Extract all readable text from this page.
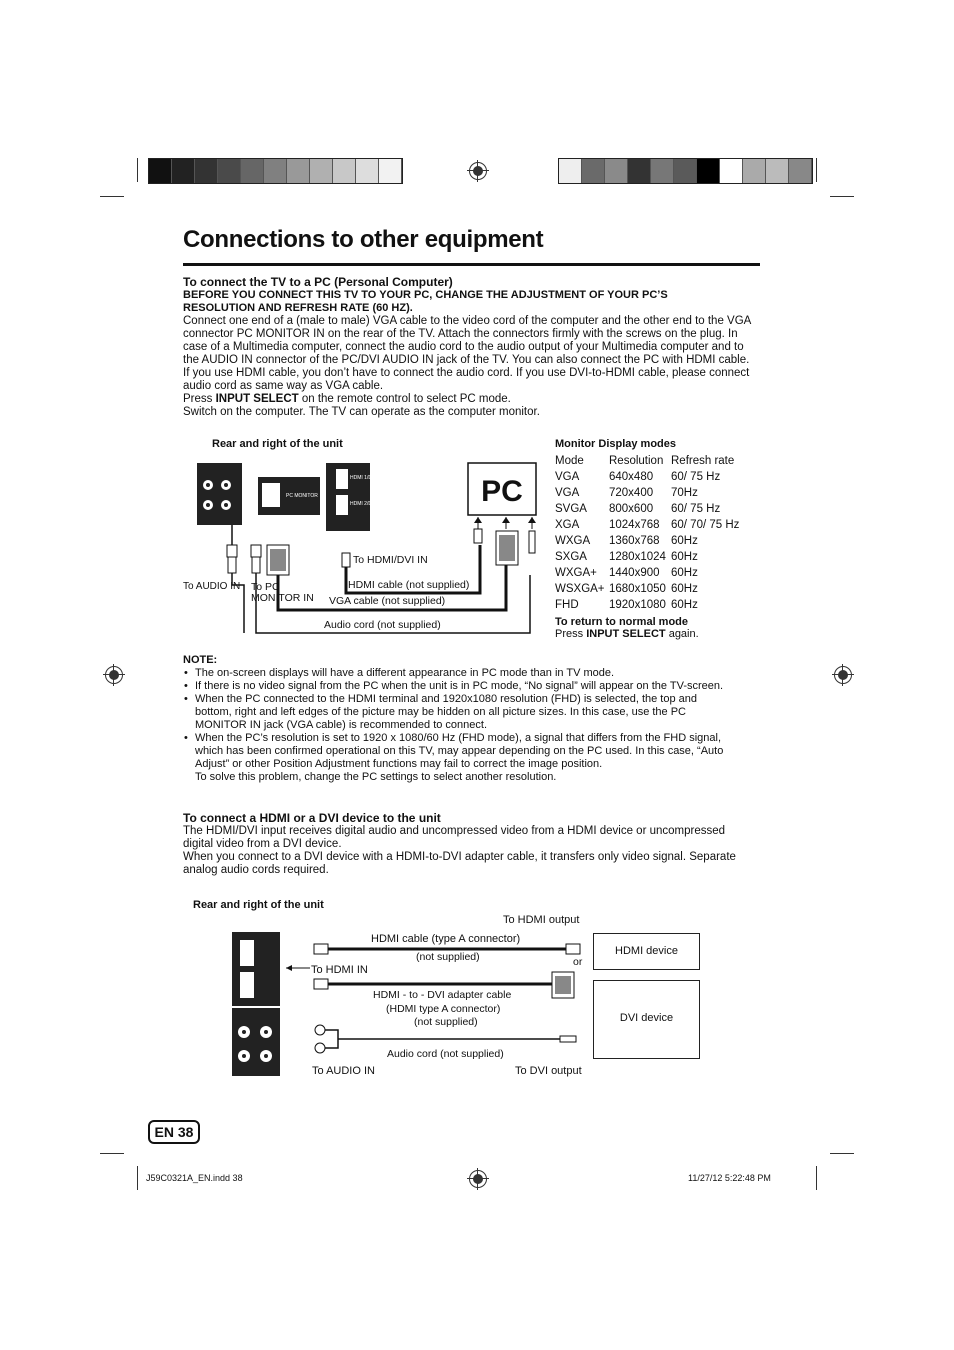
Connections to other equipment

To connect the TV to a PC (Personal Computer)

BEFORE YOU CONNECT THIS TV TO YOUR PC, CHANGE THE ADJUSTMENT OF YOUR PC’S

RESOLUTION AND REFRESH RATE (60 HZ).

Connect one end of a (male to male) VGA cable to the video cord of the computer and the other end to the VGA

connector PC MONITOR IN on the rear of the TV. Attach the connectors firmly with the screws on the plug. In

case of a Multimedia computer, connect the audio cord to the audio output of your Multimedia computer and to

the AUDIO IN connector of the PC/DVI AUDIO IN jack of the TV. You can also connect the PC with HDMI cable.

If you use HDMI cable, you don’t have to connect the audio cord. If you use DVI-to-HDMI cable, please connect

audio cord as same way as VGA cable.

Press INPUT SELECT on the remote control to select PC mode.

Switch on the computer. The TV can operate as the computer monitor.

Rear and right of the unit
PC MONITOR
HDMI 1/DVI
HDMI 2/DVI	PC
To HDMI/DVI IN
To AUDIO IN To PC
MONITOR IN
HDMI cable (not supplied)
VGA cable (not supplied)
Audio cord (not supplied)
Monitor Display modes
Mode	Resolution	Refresh rate
VGA	640x480	60/ 75 Hz
VGA	720x400	70Hz
SVGA	800x600	60/ 75 Hz
XGA	1024x768	60/ 70/ 75 Hz
WXGA	1360x768	60Hz
SXGA	1280x1024	60Hz
WXGA+	1440x900	60Hz
WSXGA+	1680x1050	60Hz
FHD	1920x1080	60Hz
To return to normal mode
Press INPUT SELECT again.
NOTE:
• The on-screen displays will have a different appearance in PC mode than in TV mode.
• If there is no video signal from the PC when the unit is in PC mode, “No signal” will appear on the TV-screen.
• When the PC connected to the HDMI terminal and 1920x1080 resolution (FHD) is selected, the top and
bottom, right and left edges of the picture may be hidden on all picture sizes. In this case, use the PC
MONITOR IN jack (VGA cable) is recommended to connect.
• When the PC’s resolution is set to 1920 x 1080/60 Hz (FHD mode), a signal that differs from the FHD signal,
which has been confirmed operational on this TV, may appear depending on the PC used. In this case, “Auto
Adjust” or other Position Adjustment functions may fail to correct the image position.
To solve this problem, change the PC settings to select another resolution.

To connect a HDMI or a DVI device to the unit

The HDMI/DVI input receives digital audio and uncompressed video from a HDMI device or uncompressed

digital video from a DVI device.

When you connect to a DVI device with a HDMI-to-DVI adapter cable, it transfers only video signal. Separate

analog audio cords required.

Rear and right of the unit
To HDMI output
HDMI cable (type A connector)
(not supplied)	or
To HDMI IN
HDMI - to - DVI adapter cable
(HDMI type A connector)
(not supplied)
Audio cord (not supplied)
To AUDIO IN	To DVI output
HDMI device
DVI device
EN 38
J59C0321A_EN.indd 38	11/27/12 5:22:48 PM
